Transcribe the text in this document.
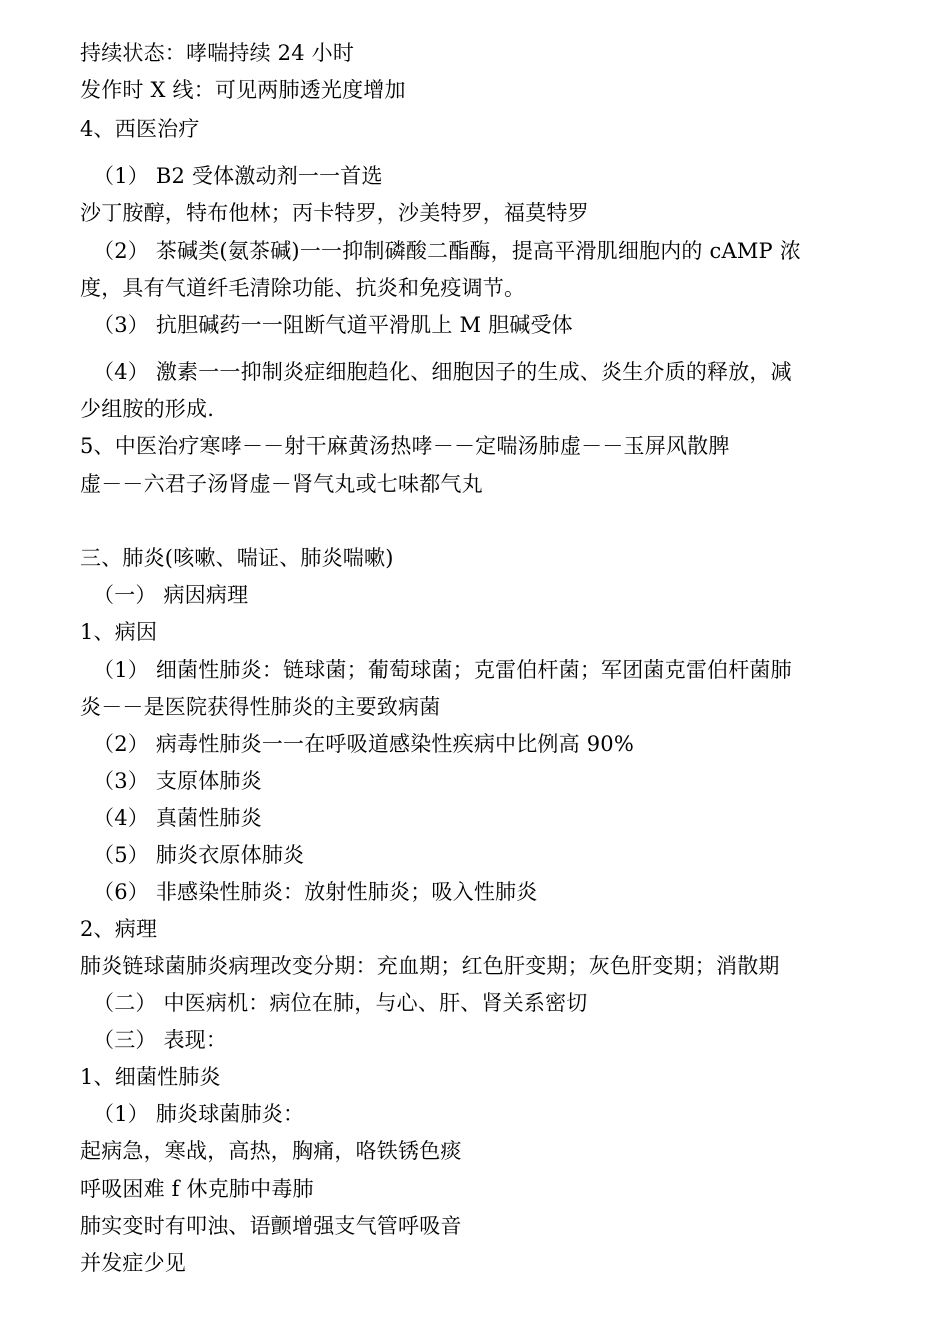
持续状态：哮喘持续 24 小时
发作时 X 线：可见两肺透光度增加
4、西医治疗
（1） B2 受体激动剂一一首选
沙丁胺醇，特布他林；丙卡特罗，沙美特罗，福莫特罗
（2） 茶碱类(氨茶碱)一一抑制磷酸二酯酶，提高平滑肌细胞内的 cAMP 浓
度，具有气道纤毛清除功能、抗炎和免疫调节。
（3） 抗胆碱药一一阻断气道平滑肌上 M 胆碱受体
（4） 激素一一抑制炎症细胞趋化、细胞因子的生成、炎生介质的释放，减
少组胺的形成.
5、中医治疗寒哮－－射干麻黄汤热哮－－定喘汤肺虚－－玉屏风散脾
虚－－六君子汤肾虚－肾气丸或七味都气丸
三、肺炎(咳嗽、喘证、肺炎喘嗽)
（一） 病因病理
1、病因
（1） 细菌性肺炎：链球菌；葡萄球菌；克雷伯杆菌；军团菌克雷伯杆菌肺
炎－－是医院获得性肺炎的主要致病菌
（2） 病毒性肺炎一一在呼吸道感染性疾病中比例高 90%
（3） 支原体肺炎
（4） 真菌性肺炎
（5） 肺炎衣原体肺炎
（6） 非感染性肺炎：放射性肺炎；吸入性肺炎
2、病理
肺炎链球菌肺炎病理改变分期：充血期；红色肝变期；灰色肝变期；消散期
（二） 中医病机：病位在肺，与心、肝、肾关系密切
（三） 表现：
1、细菌性肺炎
（1） 肺炎球菌肺炎：
起病急，寒战，高热，胸痛，咯铁锈色痰
呼吸困难 f 休克肺中毒肺
肺实变时有叩浊、语颤增强支气管呼吸音
并发症少见
